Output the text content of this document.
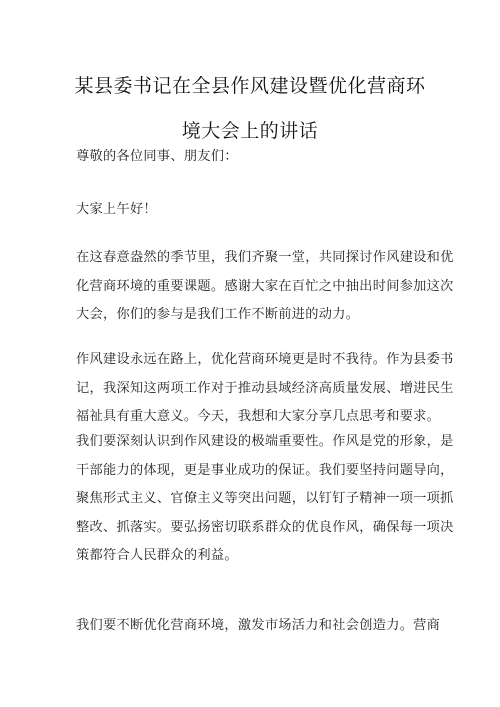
某县委书记在全县作风建设暨优化营商环
境大会上的讲话

尊敬的各位同事、朋友们：

大家上午好！

在这春意盎然的季节里，我们齐聚一堂，共同探讨作风建设和优
化营商环境的重要课题。感谢大家在百忙之中抽出时间参加这次
大会，你们的参与是我们工作不断前进的动力。

作风建设永远在路上，优化营商环境更是时不我待。作为县委书
记，我深知这两项工作对于推动县域经济高质量发展、增进民生
福祉具有重大意义。今天，我想和大家分享几点思考和要求。

我们要深刻认识到作风建设的极端重要性。作风是党的形象，是
干部能力的体现，更是事业成功的保证。我们要坚持问题导向，
聚焦形式主义、官僚主义等突出问题，以钉钉子精神一项一项抓
整改、抓落实。要弘扬密切联系群众的优良作风，确保每一项决
策都符合人民群众的利益。

我们要不断优化营商环境，激发市场活力和社会创造力。营商
